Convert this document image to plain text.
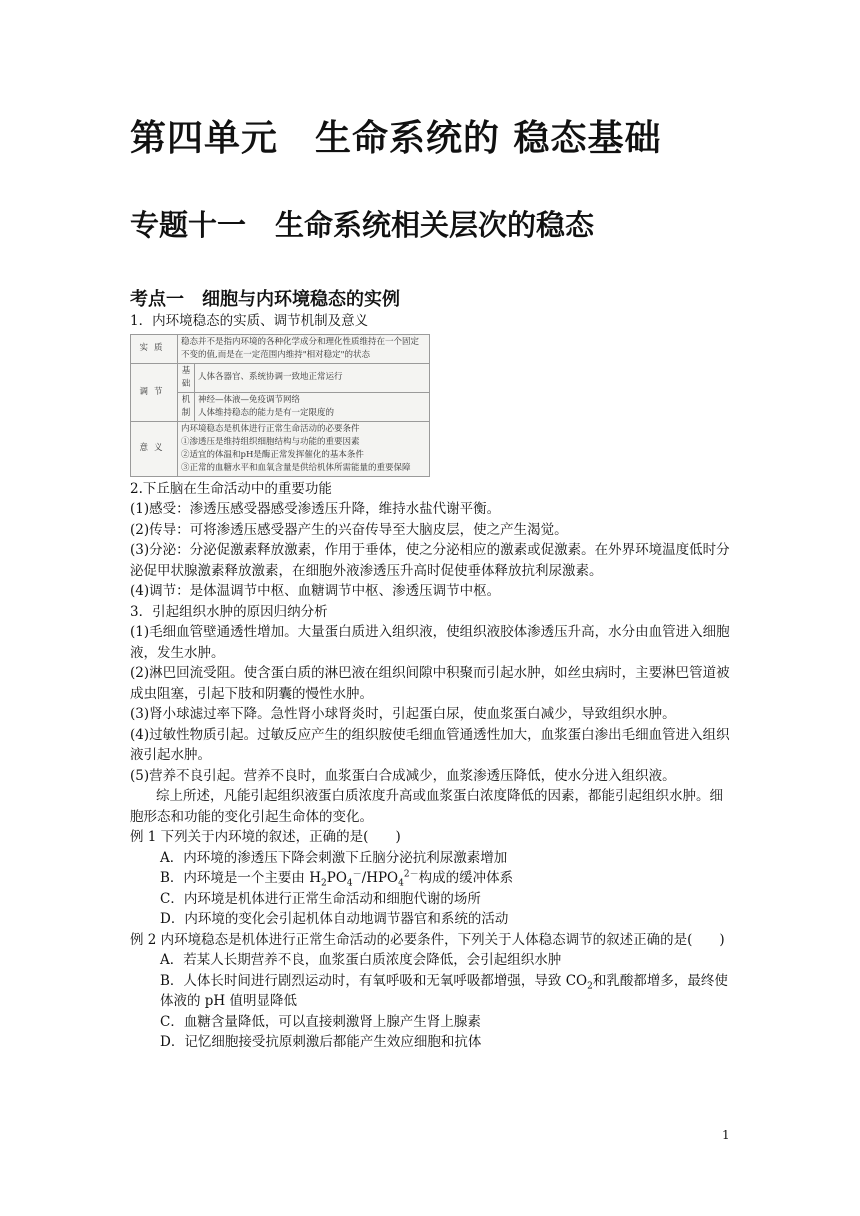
第四单元　生命系统的 稳态基础
专题十一　生命系统相关层次的稳态
考点一　细胞与内环境稳态的实例

1．内环境稳态的实质、调节机制及意义

实质	稳态并不是指内环境的各种化学成分和理化性质维持在一个固定不变的值,而是在一定范围内维持"相对稳定"的状态	
调节	基础	人体各器官、系统协调一致地正常运行
	机制	神经—体液—免疫调节网络
人体维持稳态的能力是有一定限度的

意义	内环境稳态是机体进行正常生命活动的必要条件
①渗透压是维持组织细胞结构与功能的重要因素
②适宜的体温和pH是酶正常发挥催化的基本条件
③正常的血糖水平和血氧含量是供给机体所需能量的重要保障	

2.下丘脑在生命活动中的重要功能

(1)感受：渗透压感受器感受渗透压升降，维持水盐代谢平衡。

(2)传导：可将渗透压感受器产生的兴奋传导至大脑皮层，使之产生渴觉。

(3)分泌：分泌促激素释放激素，作用于垂体，使之分泌相应的激素或促激素。在外界环境温度低时分泌促甲状腺激素释放激素，在细胞外液渗透压升高时促使垂体释放抗利尿激素。

(4)调节：是体温调节中枢、血糖调节中枢、渗透压调节中枢。

3．引起组织水肿的原因归纳分析

(1)毛细血管壁通透性增加。大量蛋白质进入组织液，使组织液胶体渗透压升高，水分由血管进入细胞液，发生水肿。

(2)淋巴回流受阻。使含蛋白质的淋巴液在组织间隙中积聚而引起水肿，如丝虫病时，主要淋巴管道被成虫阻塞，引起下肢和阴囊的慢性水肿。

(3)肾小球滤过率下降。急性肾小球肾炎时，引起蛋白尿，使血浆蛋白减少，导致组织水肿。

(4)过敏性物质引起。过敏反应产生的组织胺使毛细血管通透性加大，血浆蛋白渗出毛细血管进入组织液引起水肿。

(5)营养不良引起。营养不良时，血浆蛋白合成减少，血浆渗透压降低，使水分进入组织液。

综上所述，凡能引起组织液蛋白质浓度升高或血浆蛋白浓度降低的因素，都能引起组织水肿。细胞形态和功能的变化引起生命体的变化。

例 1 下列关于内环境的叙述，正确的是(　　)

A．内环境的渗透压下降会刺激下丘脑分泌抗利尿激素增加

B．内环境是一个主要由 $H_2PO_4^-/HPO_4^{2-}$构成的缓冲体系

C．内环境是机体进行正常生命活动和细胞代谢的场所

D．内环境的变化会引起机体自动地调节器官和系统的活动

例 2 内环境稳态是机体进行正常生命活动的必要条件，下列关于人体稳态调节的叙述正确的是(　　)

A．若某人长期营养不良，血浆蛋白质浓度会降低，会引起组织水肿

B．人体长时间进行剧烈运动时，有氧呼吸和无氧呼吸都增强，导致 $CO_2$和乳酸都增多，最终使体液的 pH 值明显降低

C．血糖含量降低，可以直接刺激肾上腺产生肾上腺素

D．记忆细胞接受抗原刺激后都能产生效应细胞和抗体

1
